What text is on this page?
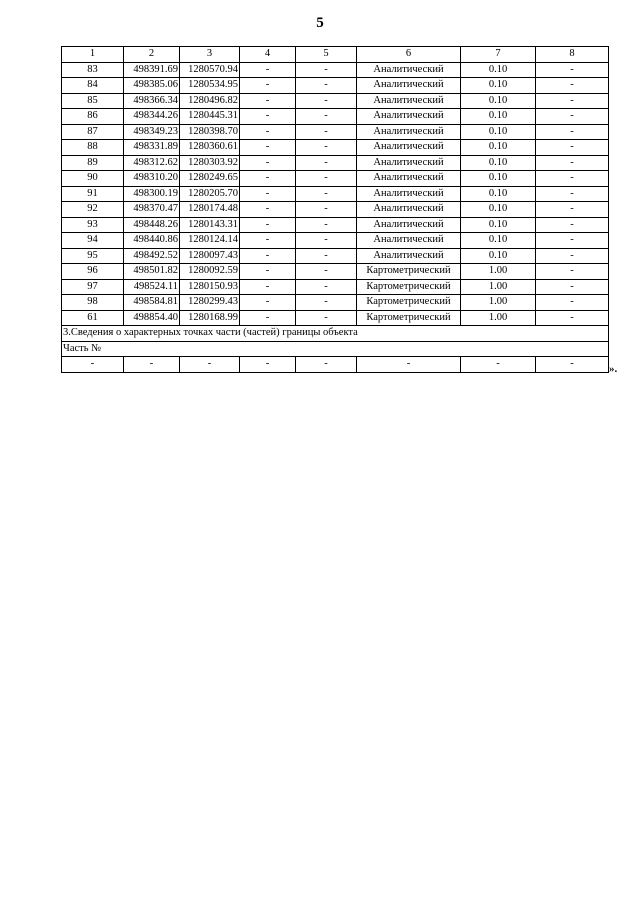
5
1	2	3	4	5	6	7	8
83	498391.69	1280570.94	-	-	Аналитический	0.10	-
84	498385.06	1280534.95	-	-	Аналитический	0.10	-
85	498366.34	1280496.82	-	-	Аналитический	0.10	-
86	498344.26	1280445.31	-	-	Аналитический	0.10	-
87	498349.23	1280398.70	-	-	Аналитический	0.10	-
88	498331.89	1280360.61	-	-	Аналитический	0.10	-
89	498312.62	1280303.92	-	-	Аналитический	0.10	-
90	498310.20	1280249.65	-	-	Аналитический	0.10	-
91	498300.19	1280205.70	-	-	Аналитический	0.10	-
92	498370.47	1280174.48	-	-	Аналитический	0.10	-
93	498448.26	1280143.31	-	-	Аналитический	0.10	-
94	498440.86	1280124.14	-	-	Аналитический	0.10	-
95	498492.52	1280097.43	-	-	Аналитический	0.10	-
96	498501.82	1280092.59	-	-	Картометрический	1.00	-
97	498524.11	1280150.93	-	-	Картометрический	1.00	-
98	498584.81	1280299.43	-	-	Картометрический	1.00	-
61	498854.40	1280168.99	-	-	Картометрический	1.00	-
3.Сведения о характерных точках части (частей) границы объекта							
Часть №							
-	-	-	-	-	-	-	-	».
